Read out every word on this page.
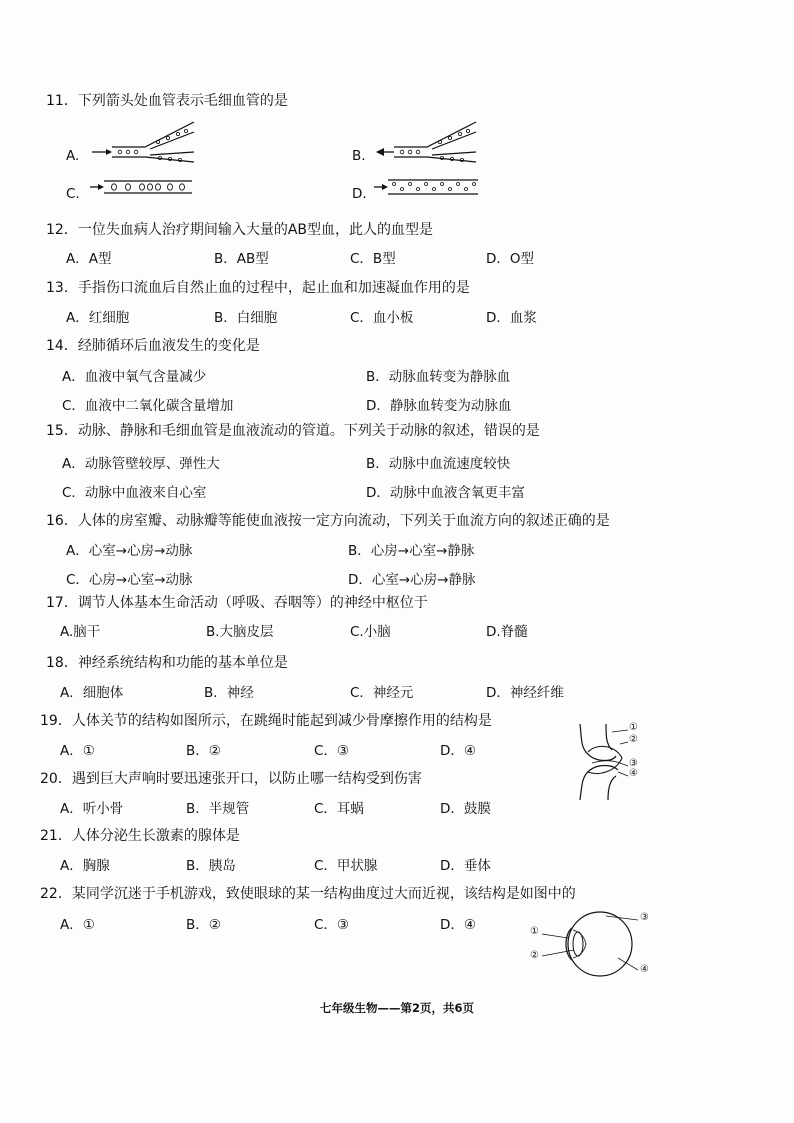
11．下列箭头处血管表示毛细血管的是
A.	B.
C.	D.
12．一位失血病人治疗期间输入大量的AB型血，此人的血型是
A．A型	B．AB型	C．B型	D．O型
13．手指伤口流血后自然止血的过程中，起止血和加速凝血作用的是
A．红细胞	B．白细胞	C．血小板	D．血浆
14．经肺循环后血液发生的变化是
A．血液中氧气含量减少	B．动脉血转变为静脉血
C．血液中二氧化碳含量增加	D．静脉血转变为动脉血
15．动脉、静脉和毛细血管是血液流动的管道。下列关于动脉的叙述，错误的是
A．动脉管壁较厚、弹性大	B．动脉中血流速度较快
C．动脉中血液来自心室	D．动脉中血液含氧更丰富
16．人体的房室瓣、动脉瓣等能使血液按一定方向流动，下列关于血流方向的叙述正确的是
A．心室→心房→动脉	B．心房→心室→静脉
C．心房→心室→动脉	D．心室→心房→静脉
17．调节人体基本生命活动（呼吸、吞咽等）的神经中枢位于
A.脑干	B.大脑皮层	C.小脑	D.脊髓
18．神经系统结构和功能的基本单位是
A．细胞体	B．神经	C．神经元	D．神经纤维
19．人体关节的结构如图所示，在跳绳时能起到减少骨摩擦作用的结构是
A．①	B．②	C．③	D．④
①
②
③
④
20．遇到巨大声响时要迅速张开口，以防止哪一结构受到伤害
A．听小骨	B．半规管	C．耳蜗	D．鼓膜
21．人体分泌生长激素的腺体是
A．胸腺	B．胰岛	C．甲状腺	D．垂体
22．某同学沉迷于手机游戏，致使眼球的某一结构曲度过大而近视，该结构是如图中的
A．①	B．②	C．③	D．④	①
②
③
④
七年级生物——第2页，共6页
